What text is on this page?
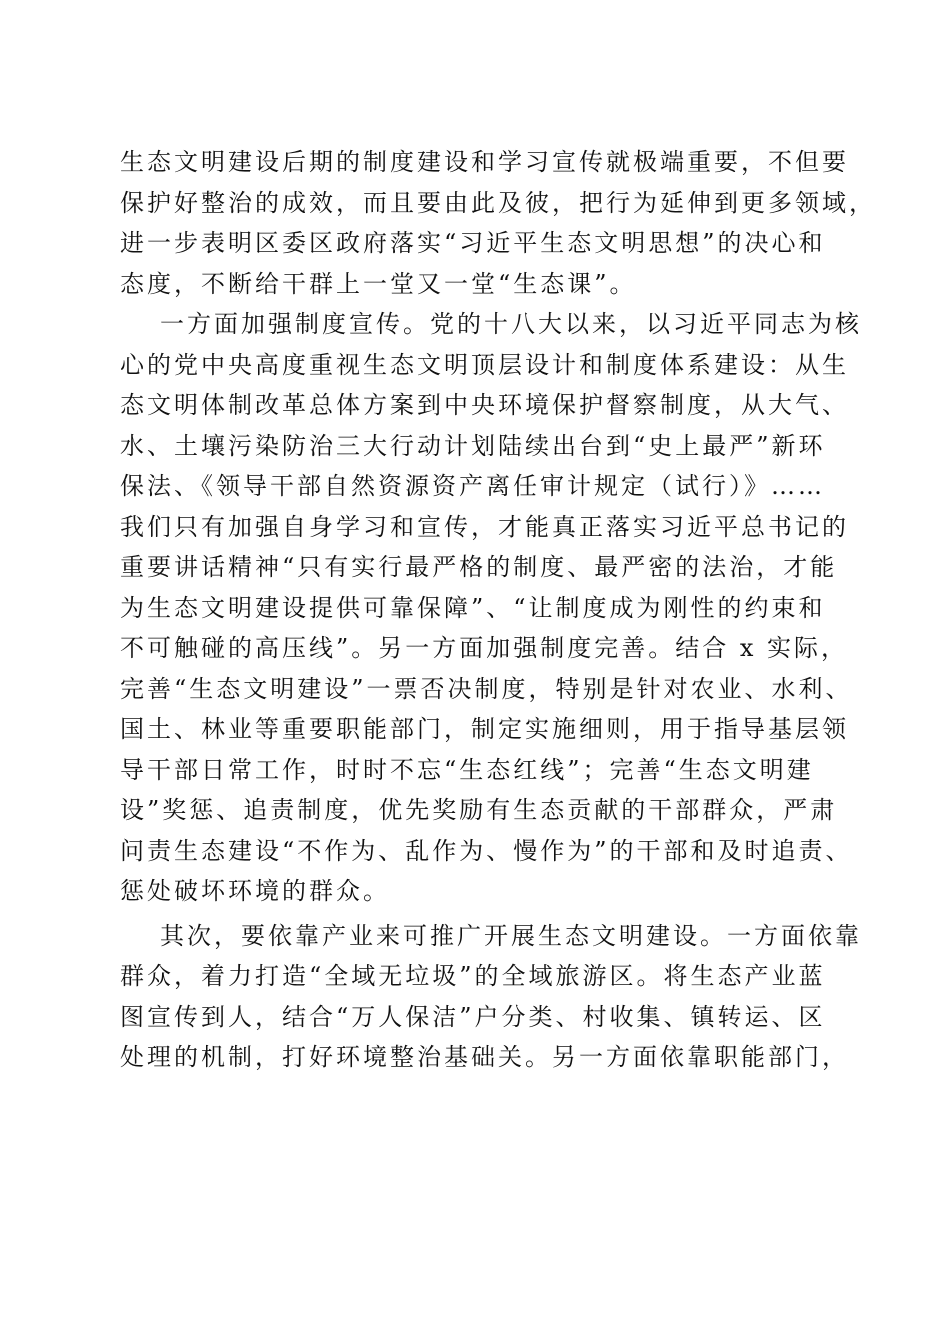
生态文明建设后期的制度建设和学习宣传就极端重要，不但要
保护好整治的成效，而且要由此及彼，把行为延伸到更多领域，
进一步表明区委区政府落实“习近平生态文明思想”的决心和
态度，不断给干群上一堂又一堂“生态课”。
一方面加强制度宣传。党的十八大以来，以习近平同志为核
心的党中央高度重视生态文明顶层设计和制度体系建设：从生
态文明体制改革总体方案到中央环境保护督察制度，从大气、
水、土壤污染防治三大行动计划陆续出台到“史上最严”新环
保法、《领导干部自然资源资产离任审计规定（试行）》……
我们只有加强自身学习和宣传，才能真正落实习近平总书记的
重要讲话精神“只有实行最严格的制度、最严密的法治，才能
为生态文明建设提供可靠保障”、“让制度成为刚性的约束和
不可触碰的高压线”。另一方面加强制度完善。结合 x 实际，
完善“生态文明建设”一票否决制度，特别是针对农业、水利、
国土、林业等重要职能部门，制定实施细则，用于指导基层领
导干部日常工作，时时不忘“生态红线”；完善“生态文明建
设”奖惩、追责制度，优先奖励有生态贡献的干部群众，严肃
问责生态建设“不作为、乱作为、慢作为”的干部和及时追责、
惩处破坏环境的群众。
其次，要依靠产业来可推广开展生态文明建设。一方面依靠
群众，着力打造“全域无垃圾”的全域旅游区。将生态产业蓝
图宣传到人，结合“万人保洁”户分类、村收集、镇转运、区
处理的机制，打好环境整治基础关。另一方面依靠职能部门，
